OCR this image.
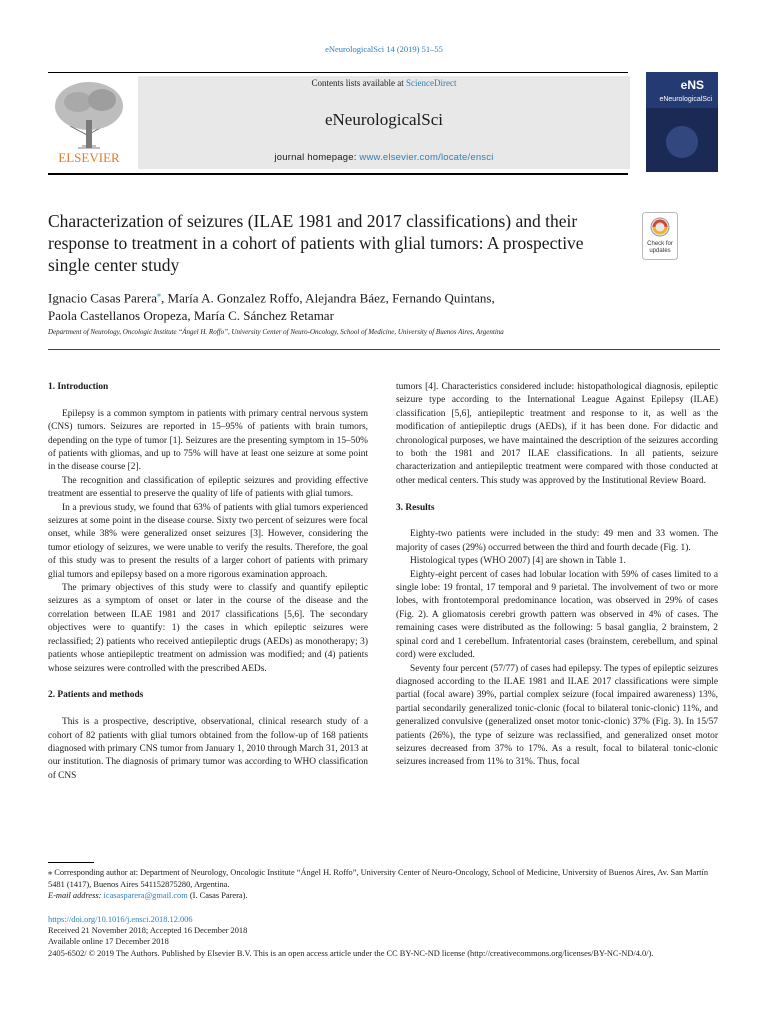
eNeurologicalSci 14 (2019) 51–55
ELSEVIER
Contents lists available at ScienceDirect
eNeurologicalSci
journal homepage: www.elsevier.com/locate/ensci
eNS
eNeurologicalSci
Characterization of seizures (ILAE 1981 and 2017 classifications) and their response to treatment in a cohort of patients with glial tumors: A prospective single center study
Check for
updates
Ignacio Casas Parera⁎, María A. Gonzalez Roffo, Alejandra Báez, Fernando Quintans,
Paola Castellanos Oropeza, María C. Sánchez Retamar
Department of Neurology, Oncologic Institute “Ángel H. Roffo”, University Center of Neuro-Oncology, School of Medicine, University of Buenos Aires, Argentina

1. Introduction

Epilepsy is a common symptom in patients with primary central nervous system (CNS) tumors. Seizures are reported in 15–95% of patients with brain tumors, depending on the type of tumor [1]. Seizures are the presenting symptom in 15–50% of patients with gliomas, and up to 75% will have at least one seizure at some point in the disease course [2].

The recognition and classification of epileptic seizures and providing effective treatment are essential to preserve the quality of life of patients with glial tumors.

In a previous study, we found that 63% of patients with glial tumors experienced seizures at some point in the disease course. Sixty two percent of seizures were focal onset, while 38% were generalized onset seizures [3]. However, considering the tumor etiology of seizures, we were unable to verify the results. Therefore, the goal of this study was to present the results of a larger cohort of patients with primary glial tumors and epilepsy based on a more rigorous examination approach.

The primary objectives of this study were to classify and quantify epileptic seizures as a symptom of onset or later in the course of the disease and the correlation between ILAE 1981 and 2017 classifications [5,6]. The secondary objectives were to quantify: 1) the cases in which epileptic seizures were reclassified; 2) patients who received antiepileptic drugs (AEDs) as monotherapy; 3) patients whose antiepileptic treatment on admission was modified; and (4) patients whose seizures were controlled with the prescribed AEDs.

2. Patients and methods

This is a prospective, descriptive, observational, clinical research study of a cohort of 82 patients with glial tumors obtained from the follow-up of 168 patients diagnosed with primary CNS tumor from January 1, 2010 through March 31, 2013 at our institution. The diagnosis of primary tumor was according to WHO classification of CNS

tumors [4]. Characteristics considered include: histopathological diagnosis, epileptic seizure type according to the International League Against Epilepsy (ILAE) classification [5,6], antiepileptic treatment and response to it, as well as the modification of antiepileptic drugs (AEDs), if it has been done. For didactic and chronological purposes, we have maintained the description of the seizures according to both the 1981 and 2017 ILAE classifications. In all patients, seizure characterization and antiepileptic treatment were compared with those conducted at other medical centers. This study was approved by the Institutional Review Board.

3. Results

Eighty-two patients were included in the study: 49 men and 33 women. The majority of cases (29%) occurred between the third and fourth decade (Fig. 1).

Histological types (WHO 2007) [4] are shown in Table 1.

Eighty-eight percent of cases had lobular location with 59% of cases limited to a single lobe: 19 frontal, 17 temporal and 9 parietal. The involvement of two or more lobes, with frontotemporal predominance location, was observed in 29% of cases (Fig. 2). A gliomatosis cerebri growth pattern was observed in 4% of cases. The remaining cases were distributed as the following: 5 basal ganglia, 2 brainstem, 2 spinal cord and 1 cerebellum. Infratentorial cases (brainstem, cerebellum, and spinal cord) were excluded.

Seventy four percent (57/77) of cases had epilepsy. The types of epileptic seizures diagnosed according to the ILAE 1981 and ILAE 2017 classifications were simple partial (focal aware) 39%, partial complex seizure (focal impaired awareness) 13%, partial secondarily generalized tonic-clonic (focal to bilateral tonic-clonic) 11%, and generalized convulsive (generalized onset motor tonic-clonic) 37% (Fig. 3). In 15/57 patients (26%), the type of seizure was reclassified, and generalized onset motor seizures decreased from 37% to 17%. As a result, focal to bilateral tonic-clonic seizures increased from 11% to 31%. Thus, focal

⁎ Corresponding author at: Department of Neurology, Oncologic Institute “Ángel H. Roffo”, University Center of Neuro-Oncology, School of Medicine, University of Buenos Aires, Av. San Martín 5481 (1417), Buenos Aires 541152875280, Argentina.

E-mail address: icasasparera@gmail.com (I. Casas Parera).

https://doi.org/10.1016/j.ensci.2018.12.006

Received 21 November 2018; Accepted 16 December 2018

Available online 17 December 2018

2405-6502/ © 2019 The Authors. Published by Elsevier B.V. This is an open access article under the CC BY-NC-ND license (http://creativecommons.org/licenses/BY-NC-ND/4.0/).
